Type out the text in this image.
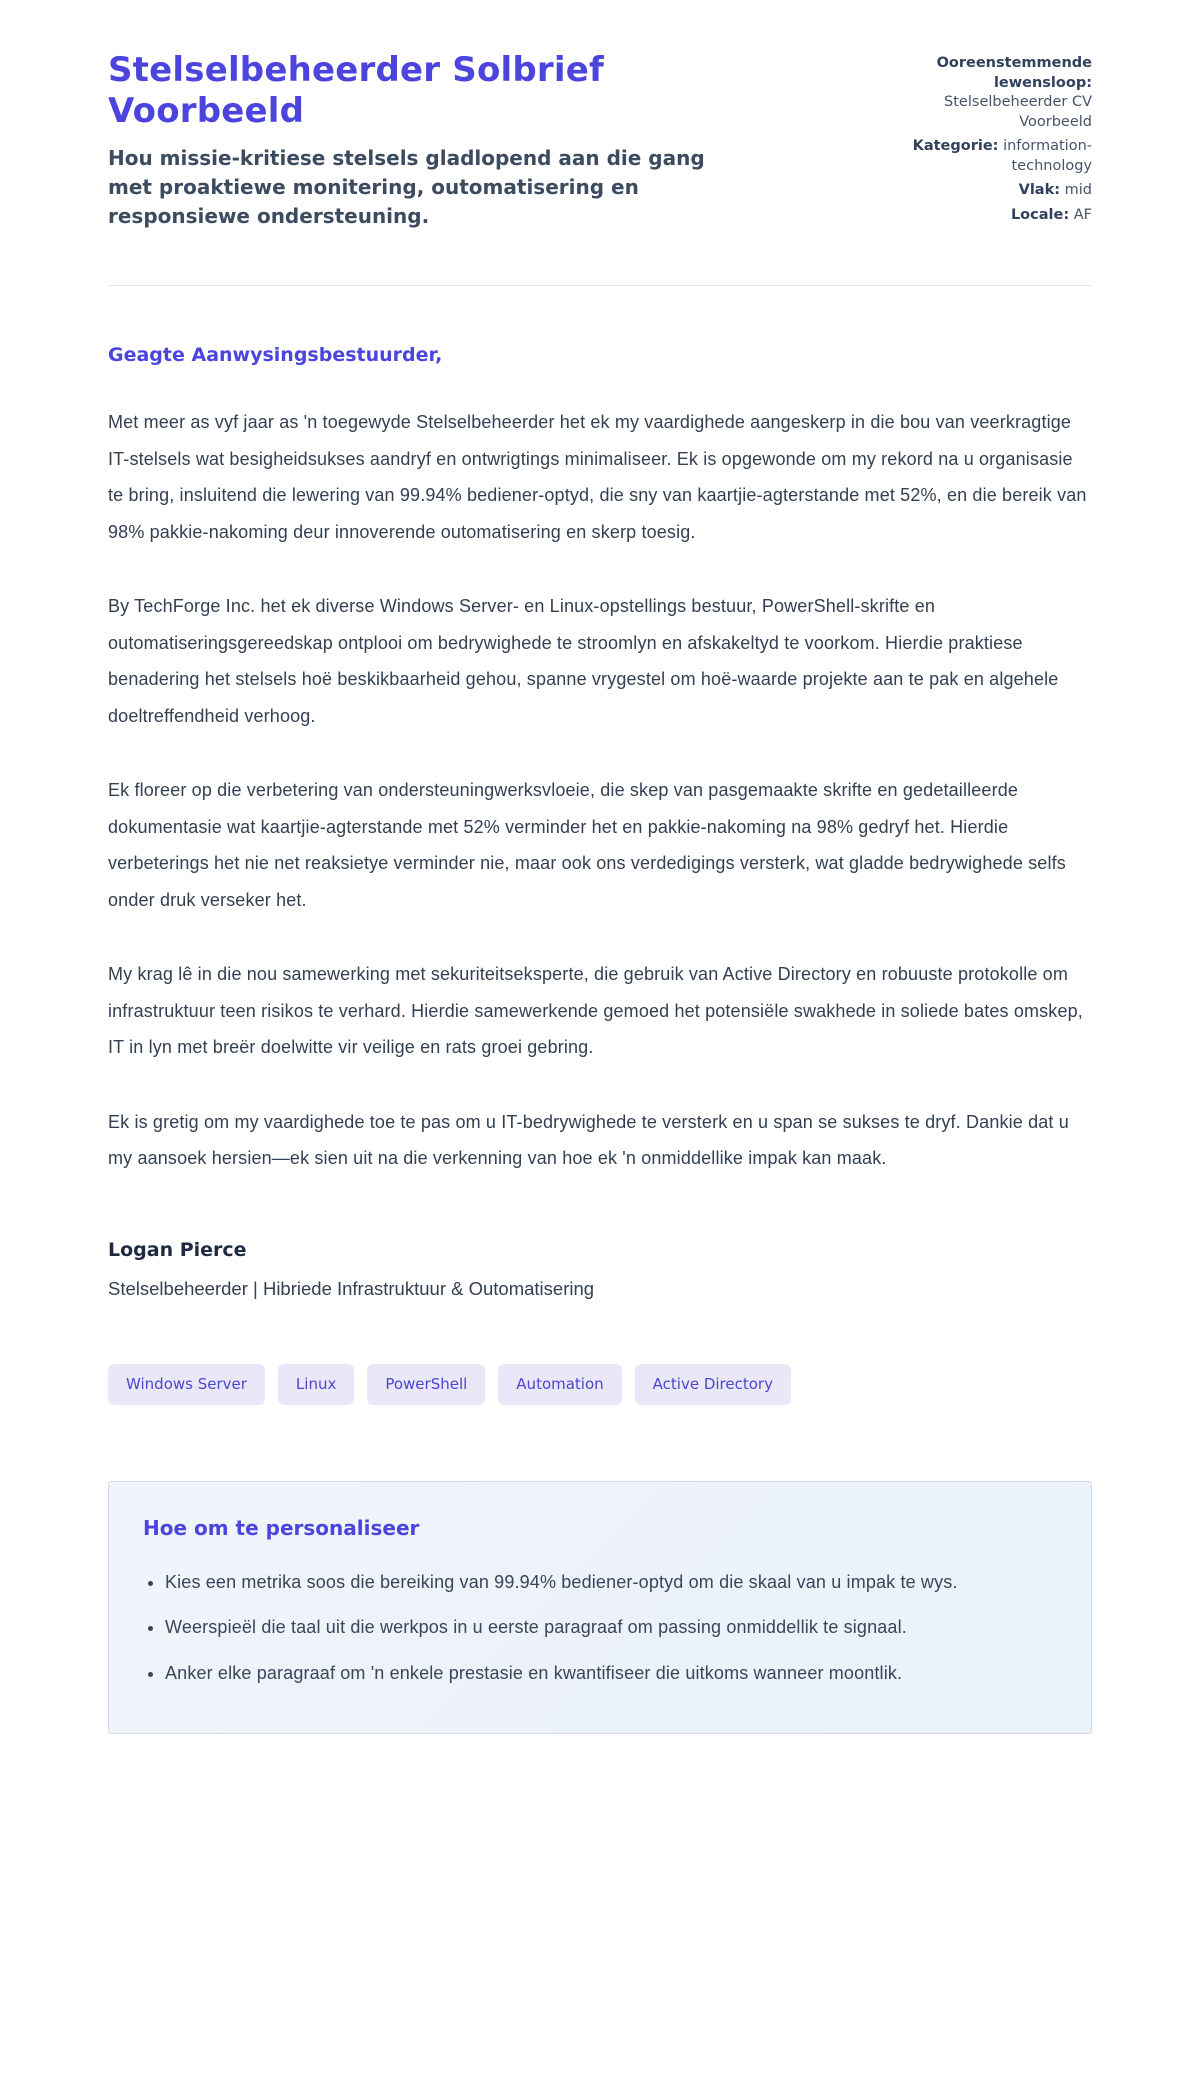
Stelselbeheerder Solbrief Voorbeeld
Hou missie-kritiese stelsels gladlopend aan die gang met proaktiewe monitering, outomatisering en responsiewe ondersteuning.
Ooreenstemmende lewensloop:
Stelselbeheerder CV Voorbeeld
Kategorie: information-technology
Vlak: mid
Locale: AF

Geagte Aanwysingsbestuurder,

Met meer as vyf jaar as 'n toegewyde Stelselbeheerder het ek my vaardighede aangeskerp in die bou van veerkragtige IT-stelsels wat besigheidsukses aandryf en ontwrigtings minimaliseer. Ek is opgewonde om my rekord na u organisasie te bring, insluitend die lewering van 99.94% bediener-optyd, die sny van kaartjie-agterstande met 52%, en die bereik van 98% pakkie-nakoming deur innoverende outomatisering en skerp toesig.

By TechForge Inc. het ek diverse Windows Server- en Linux-opstellings bestuur, PowerShell-skrifte en outomatiseringsgereedskap ontplooi om bedrywighede te stroomlyn en afskakeltyd te voorkom. Hierdie praktiese benadering het stelsels hoë beskikbaarheid gehou, spanne vrygestel om hoë-waarde projekte aan te pak en algehele doeltreffendheid verhoog.

Ek floreer op die verbetering van ondersteuningwerksvloeie, die skep van pasgemaakte skrifte en gedetailleerde dokumentasie wat kaartjie-agterstande met 52% verminder het en pakkie-nakoming na 98% gedryf het. Hierdie verbeterings het nie net reaksietye verminder nie, maar ook ons verdedigings versterk, wat gladde bedrywighede selfs onder druk verseker het.

My krag lê in die nou samewerking met sekuriteitseksperte, die gebruik van Active Directory en robuuste protokolle om infrastruktuur teen risikos te verhard. Hierdie samewerkende gemoed het potensiële swakhede in soliede bates omskep, IT in lyn met breër doelwitte vir veilige en rats groei gebring.

Ek is gretig om my vaardighede toe te pas om u IT-bedrywighede te versterk en u span se sukses te dryf. Dankie dat u my aansoek hersien—ek sien uit na die verkenning van hoe ek 'n onmiddellike impak kan maak.

Logan Pierce

Stelselbeheerder | Hibriede Infrastruktuur & Outomatisering

Windows Server	Linux	PowerShell	Automation	Active Directory
Hoe om te personaliseer
• Kies een metrika soos die bereiking van 99.94% bediener-optyd om die skaal van u impak te wys.
• Weerspieël die taal uit die werkpos in u eerste paragraaf om passing onmiddellik te signaal.
• Anker elke paragraaf om 'n enkele prestasie en kwantifiseer die uitkoms wanneer moontlik.
